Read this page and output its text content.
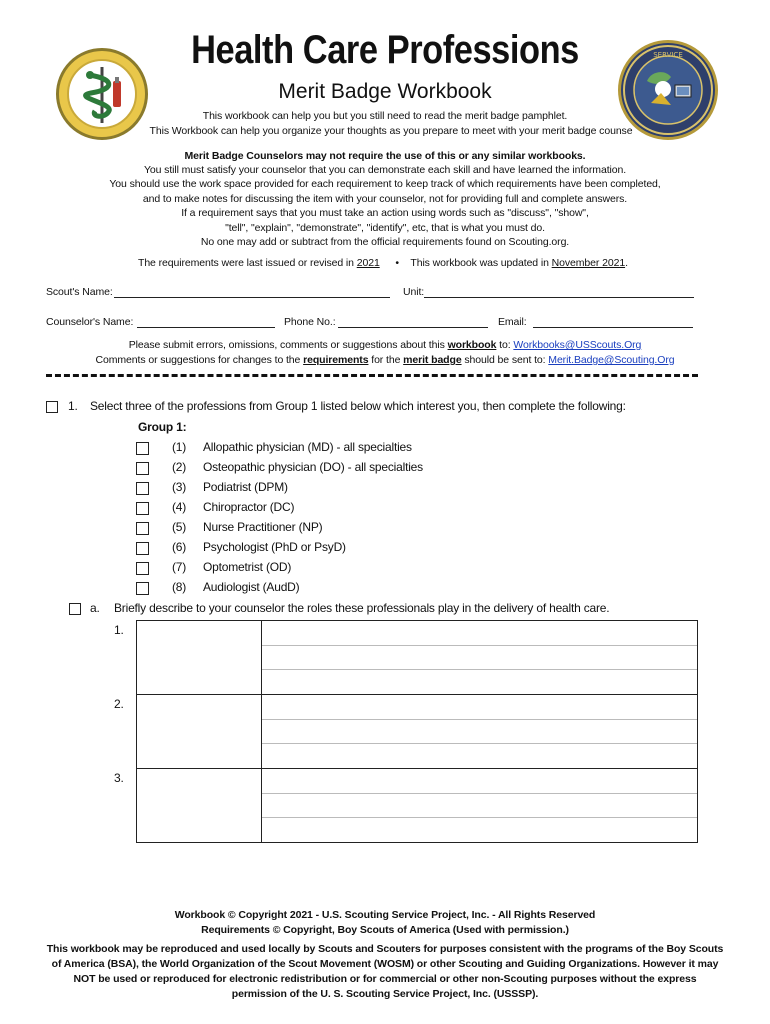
SERVICE
Health Care Professions
Merit Badge Workbook
This workbook can help you but you still need to read the merit badge pamphlet.
This Workbook can help you organize your thoughts as you prepare to meet with your merit badge counse
Merit Badge Counselors may not require the use of this or any similar workbooks.
You still must satisfy your counselor that you can demonstrate each skill and have learned the information.
You should use the work space provided for each requirement to keep track of which requirements have been completed,
and to make notes for discussing the item with your counselor, not for providing full and complete answers.
If a requirement says that you must take an action using words such as "discuss", "show",
"tell", "explain", "demonstrate", "identify", etc, that is what you must do.
No one may add or subtract from the official requirements found on Scouting.org.
The requirements were last issued or revised in 2021 • This workbook was updated in November 2021.
Scout's Name:	Unit:
Counselor's Name:	Phone No.:	Email:
Please submit errors, omissions, comments or suggestions about this workbook to: Workbooks@USScouts.Org
Comments or suggestions for changes to the requirements for the merit badge should be sent to: Merit.Badge@Scouting.Org
1. Select three of the professions from Group 1 listed below which interest you, then complete the following:
Group 1:
(1) Allopathic physician (MD) - all specialties
(2) Osteopathic physician (DO) - all specialties
(3) Podiatrist (DPM)
(4) Chiropractor (DC)
(5) Nurse Practitioner (NP)
(6) Psychologist (PhD or PsyD)
(7) Optometrist (OD)
(8) Audiologist (AudD)
a. Briefly describe to your counselor the roles these professionals play in the delivery of health care.
1.
2.
3.
Workbook © Copyright 2021 - U.S. Scouting Service Project, Inc. - All Rights Reserved
Requirements © Copyright, Boy Scouts of America (Used with permission.)
This workbook may be reproduced and used locally by Scouts and Scouters for purposes consistent with the programs of the Boy Scouts
of America (BSA), the World Organization of the Scout Movement (WOSM) or other Scouting and Guiding Organizations. However it may
NOT be used or reproduced for electronic redistribution or for commercial or other non-Scouting purposes without the express
permission of the U. S. Scouting Service Project, Inc. (USSSP).
